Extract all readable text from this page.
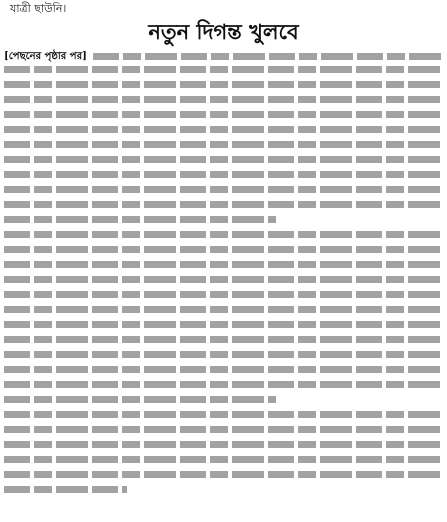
যাত্রী ছাউনি।
নতুন দিগন্ত খুলবে
[পেছনের পৃষ্ঠার পর]
